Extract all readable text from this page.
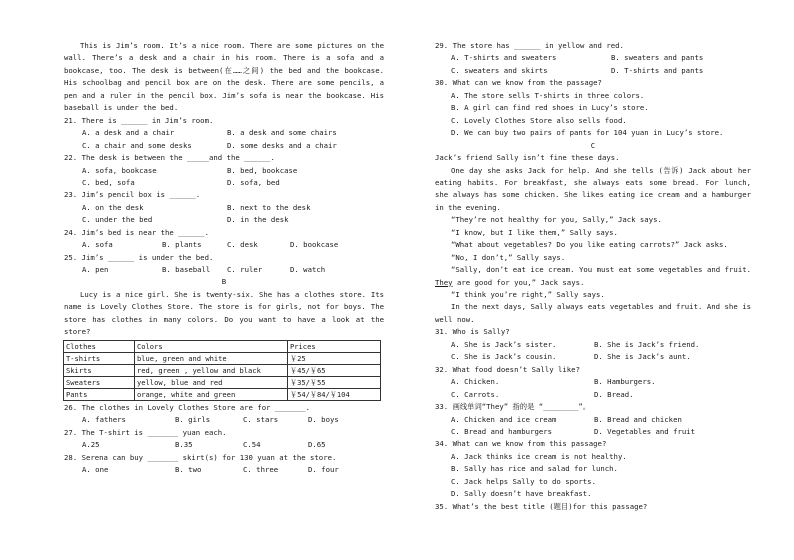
This is Jim’s room. It’s a nice room. There are some pictures on the wall. There’s a desk and a chair in his room. There is a sofa and a bookcase, too. The desk is between(在……之间) the bed and the bookcase. His schoolbag and pencil box are on the desk. There are some pencils, a pen and a ruler in the pencil box. Jim’s sofa is near the bookcase. His baseball is under the bed.

21. There is ______ in Jim’s room.

A. a desk and a chair	B. a desk and some chairs
C. a chair and some desks	D. some desks and a chair

22. The desk is between the _____and the ______.

A. sofa, bookcase	B. bed, bookcase
C. bed, sofa	D. sofa, bed

23. Jim’s pencil box is ______.

A. on the desk	B. next to the desk
C. under the bed	D. in the desk

24. Jim’s bed is near the ______.

A. sofa	B. plants	C. desk	D. bookcase

25. Jim’s ______ is under the bed.

A. pen	B. baseball C. ruler	D. watch

B

Lucy is a nice girl. She is twenty-six. She has a clothes store. Its name is Lovely Clothes Store. The store is for girls, not for boys. The store has clothes in many colors. Do you want to have a look at the store?

Clothes	Colors	Prices
T-shirts	blue, green and white	￥25
Skirts	red, green , yellow and black	￥45/￥65
Sweaters	yellow, blue and red	￥35/￥55
Pants	orange, white and green	￥54/￥84/￥104

26. The clothes in Lovely Clothes Store are for _______.

A. fathers	B. girls	C. stars	D. boys

27. The T-shirt is _______ yuan each.

A.25	B.35	C.54	D.65

28. Serena can buy _______ skirt(s) for 130 yuan at the store.

A. one	B. two	C. three	D. four

29. The store has ______ in yellow and red.

A. T-shirts and sweaters	B. sweaters and pants
C. sweaters and skirts	D. T-shirts and pants

30. What can we know from the passage?

A. The store sells T-shirts in three colors.

B. A girl can find red shoes in Lucy’s store.

C. Lovely Clothes Store also sells food.

D. We can buy two pairs of pants for 104 yuan in Lucy’s store.

C

Jack’s friend Sally isn’t fine these days.

One day she asks Jack for help. And she tells (告诉) Jack about her eating habits. For breakfast, she always eats some bread. For lunch, she always has some chicken. She likes eating ice cream and a hamburger in the evening.

“They’re not healthy for you, Sally,” Jack says.

“I know, but I like them,” Sally says.

“What about vegetables? Do you like eating carrots?” Jack asks.

“No, I don’t,” Sally says.

“Sally, don’t eat ice cream. You must eat some vegetables and fruit. They are good for you,” Jack says.

“I think you’re right,” Sally says.

In the next days, Sally always eats vegetables and fruit. And she is well now.

31. Who is Sally?

A. She is Jack’s sister.	B. She is Jack’s friend.
C. She is Jack’s cousin.	D. She is Jack’s aunt.

32. What food doesn’t Sally like?

A. Chicken.	B. Hamburgers.
C. Carrots.	D. Bread.

33. 画线单词“They” 指的是 “________”。

A. Chicken and ice cream	B. Bread and chicken
C. Bread and hamburgers	D. Vegetables and fruit

34. What can we know from this passage?

A. Jack thinks ice cream is not healthy.

B. Sally has rice and salad for lunch.

C. Jack helps Sally to do sports.

D. Sally doesn’t have breakfast.

35. What’s the best title (题目)for this passage?
